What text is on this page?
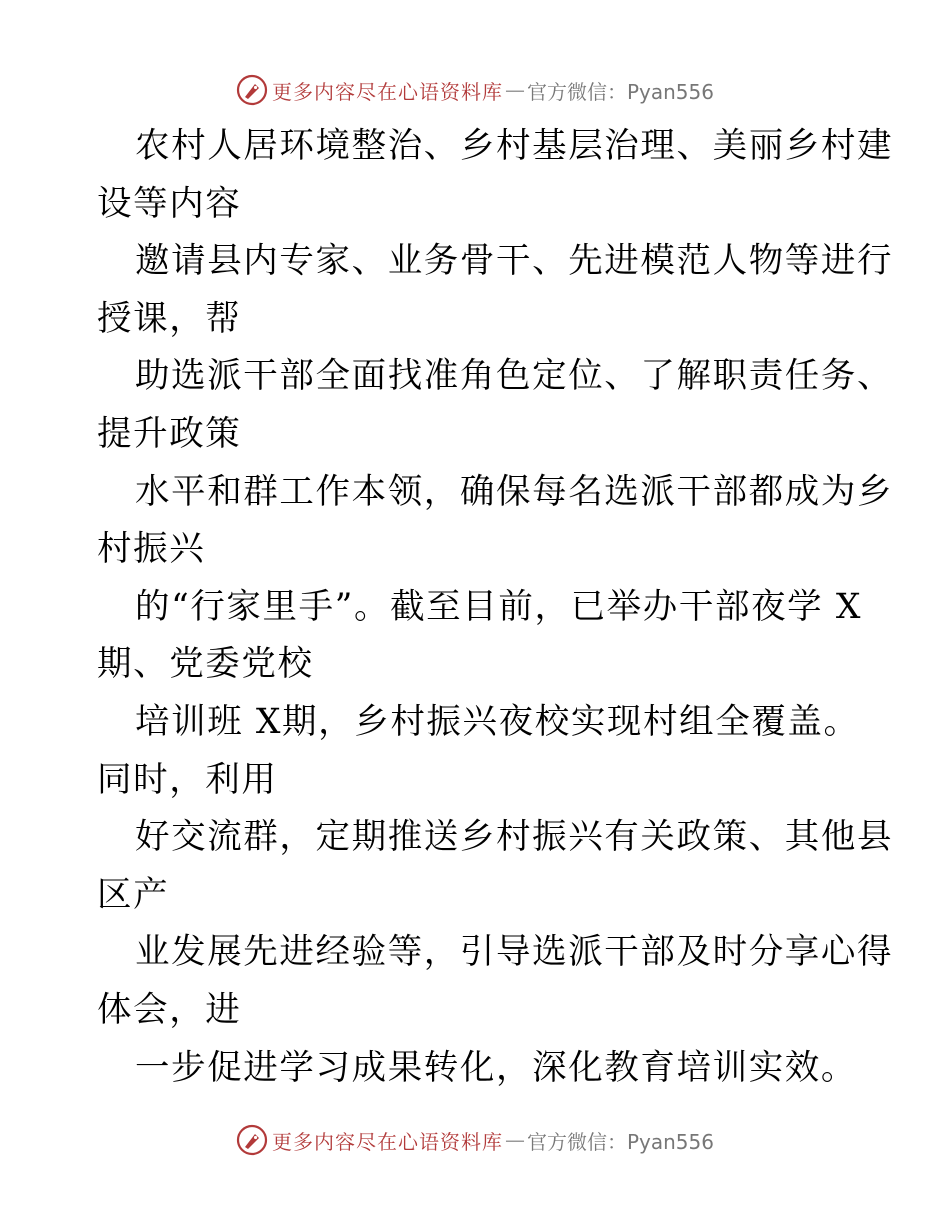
更多内容尽在心语资料库 — 官方微信：Pyan556
农村人居环境整治、乡村基层治理、美丽乡村建
设等内容
邀请县内专家、业务骨干、先进模范人物等进行
授课，帮
助选派干部全面找准角色定位、了解职责任务、
提升政策
水平和群工作本领，确保每名选派干部都成为乡
村振兴
的“行家里手”。截至目前，已举办干部夜学 X
期、党委党校
培训班 X期，乡村振兴夜校实现村组全覆盖。
同时，利用
好交流群，定期推送乡村振兴有关政策、其他县
区产
业发展先进经验等，引导选派干部及时分享心得
体会，进
一步促进学习成果转化，深化教育培训实效。
更多内容尽在心语资料库 — 官方微信：Pyan556
